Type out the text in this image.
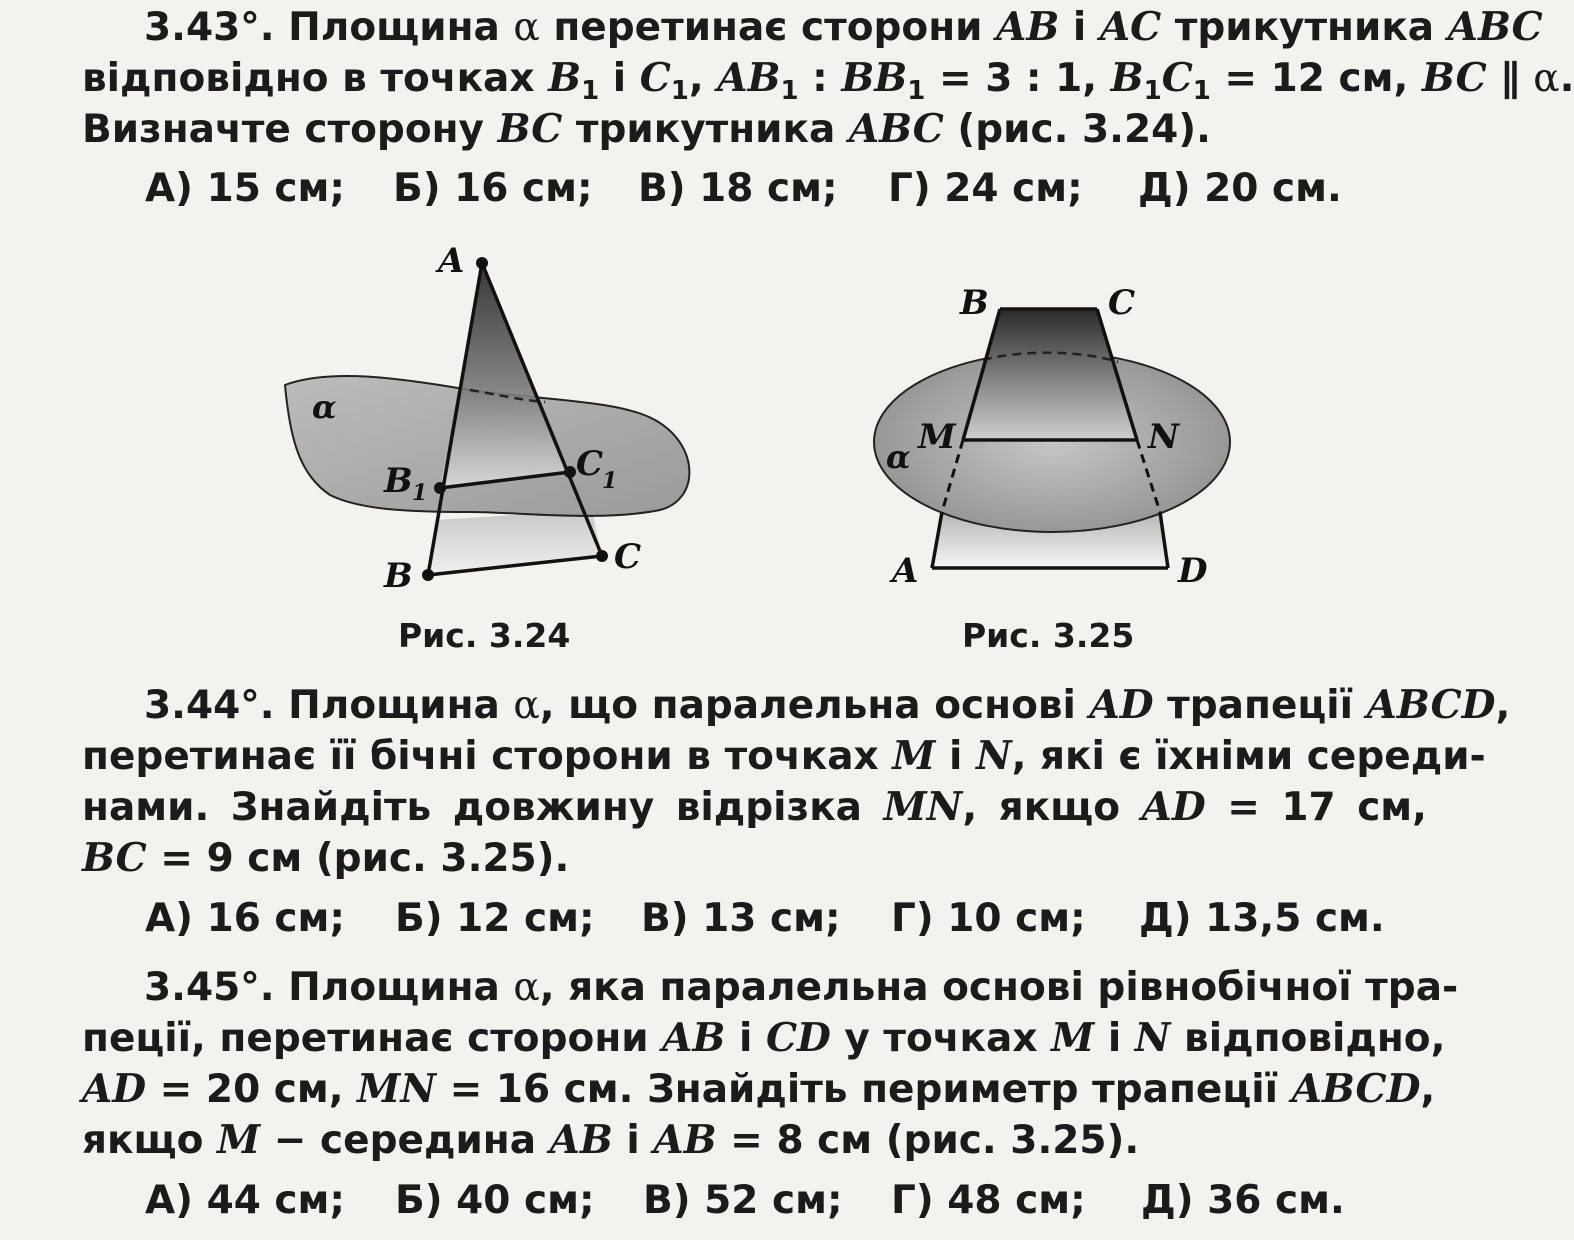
3.43°. Площина α перетинає сторони AB і AC трикутника ABC
відповідно в точках $B_1$ і $C_1$, $AB_1$ : $BB_1 = 3$ : 1, $B_1C_1 = 12$ см, BC ∥ α.
Визначте сторону BC трикутника ABC (рис. 3.24).
А) 15 см; Б) 16 см; В) 18 см; Г) 24 см; Д) 20 см.
A
α
B 1
C
1
B	C
Рис. 3.24
B	C
M	N
α
A	D
Рис. 3.25
3.44°. Площина α, що паралельна основі AD трапеції ABCD,
перетинає її бічні сторони в точках M і N, які є їхніми середи-
нами. Знайдіть довжину відрізка MN, якщо AD = 17 см,
BC = 9 см (рис. 3.25).
А) 16 см; Б) 12 см; В) 13 см; Г) 10 см; Д) 13,5 см.
3.45°. Площина α, яка паралельна основі рівнобічної тра-
пеції, перетинає сторони AB і CD у точках M і N відповідно,
AD = 20 см, MN = 16 см. Знайдіть периметр трапеції ABCD,
якщо M − середина AB і AB = 8 см (рис. 3.25).
А) 44 см; Б) 40 см; В) 52 см; Г) 48 см; Д) 36 см.
